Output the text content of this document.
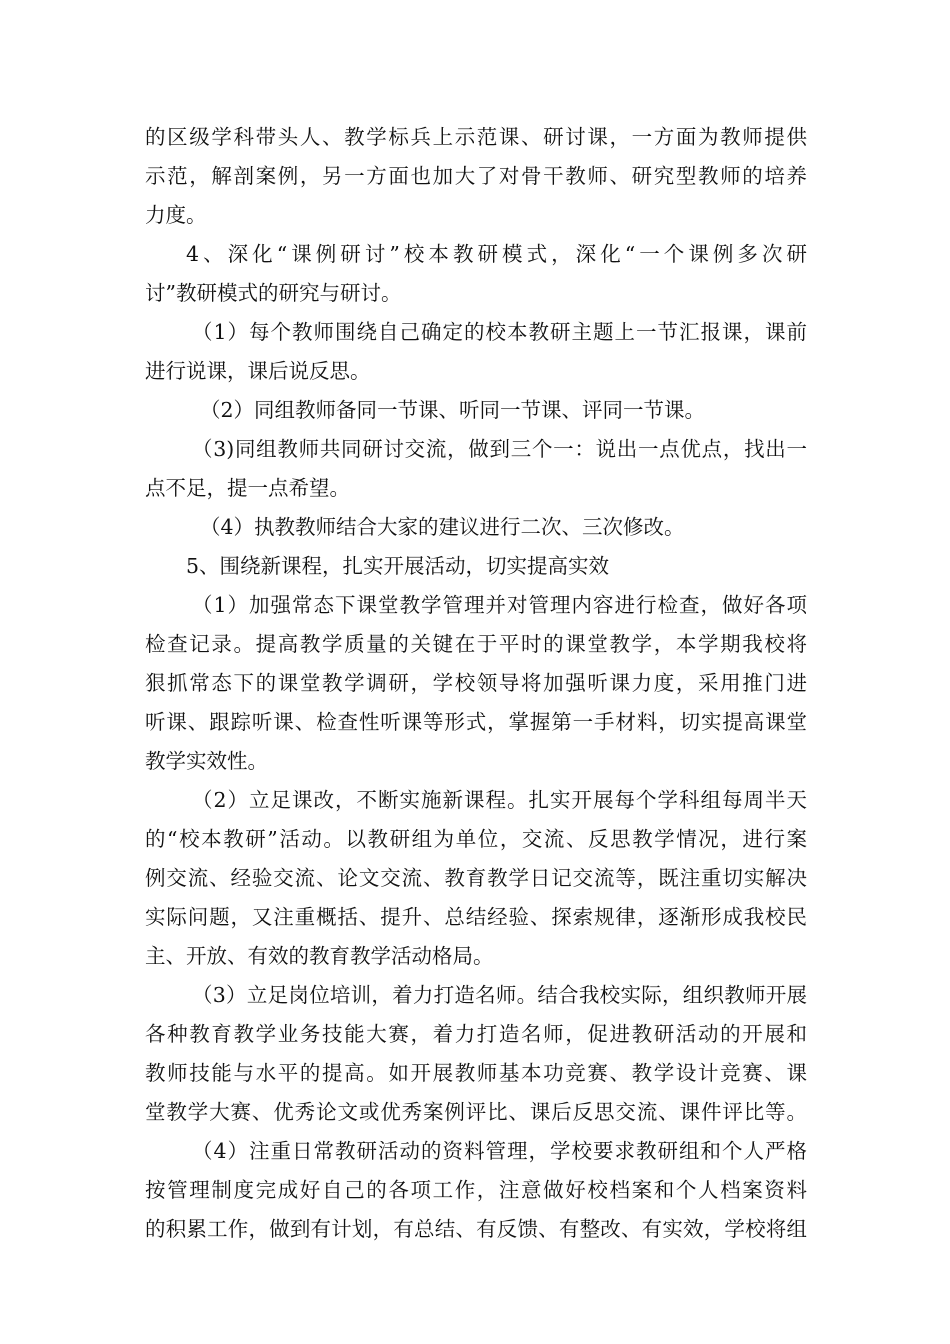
的区级学科带头人、教学标兵上示范课、研讨课，一方面为教师提供
示范，解剖案例，另一方面也加大了对骨干教师、研究型教师的培养
力度。
4、深化“课例研讨”校本教研模式，深化“一个课例多次研
讨”教研模式的研究与研讨。
（1）每个教师围绕自己确定的校本教研主题上一节汇报课，课前
进行说课，课后说反思。
（2）同组教师备同一节课、听同一节课、评同一节课。
（3)同组教师共同研讨交流，做到三个一：说出一点优点，找出一
点不足，提一点希望。
（4）执教教师结合大家的建议进行二次、三次修改。
5、围绕新课程，扎实开展活动，切实提高实效
（1）加强常态下课堂教学管理并对管理内容进行检查，做好各项
检查记录。提高教学质量的关键在于平时的课堂教学，本学期我校将
狠抓常态下的课堂教学调研，学校领导将加强听课力度，采用推门进
听课、跟踪听课、检查性听课等形式，掌握第一手材料，切实提高课堂
教学实效性。
（2）立足课改，不断实施新课程。扎实开展每个学科组每周半天
的“校本教研”活动。以教研组为单位，交流、反思教学情况，进行案
例交流、经验交流、论文交流、教育教学日记交流等，既注重切实解决
实际问题，又注重概括、提升、总结经验、探索规律，逐渐形成我校民
主、开放、有效的教育教学活动格局。
（3）立足岗位培训，着力打造名师。结合我校实际，组织教师开展
各种教育教学业务技能大赛，着力打造名师，促进教研活动的开展和
教师技能与水平的提高。如开展教师基本功竞赛、教学设计竞赛、课
堂教学大赛、优秀论文或优秀案例评比、课后反思交流、课件评比等。
（4）注重日常教研活动的资料管理，学校要求教研组和个人严格
按管理制度完成好自己的各项工作，注意做好校档案和个人档案资料
的积累工作，做到有计划，有总结、有反馈、有整改、有实效，学校将组
